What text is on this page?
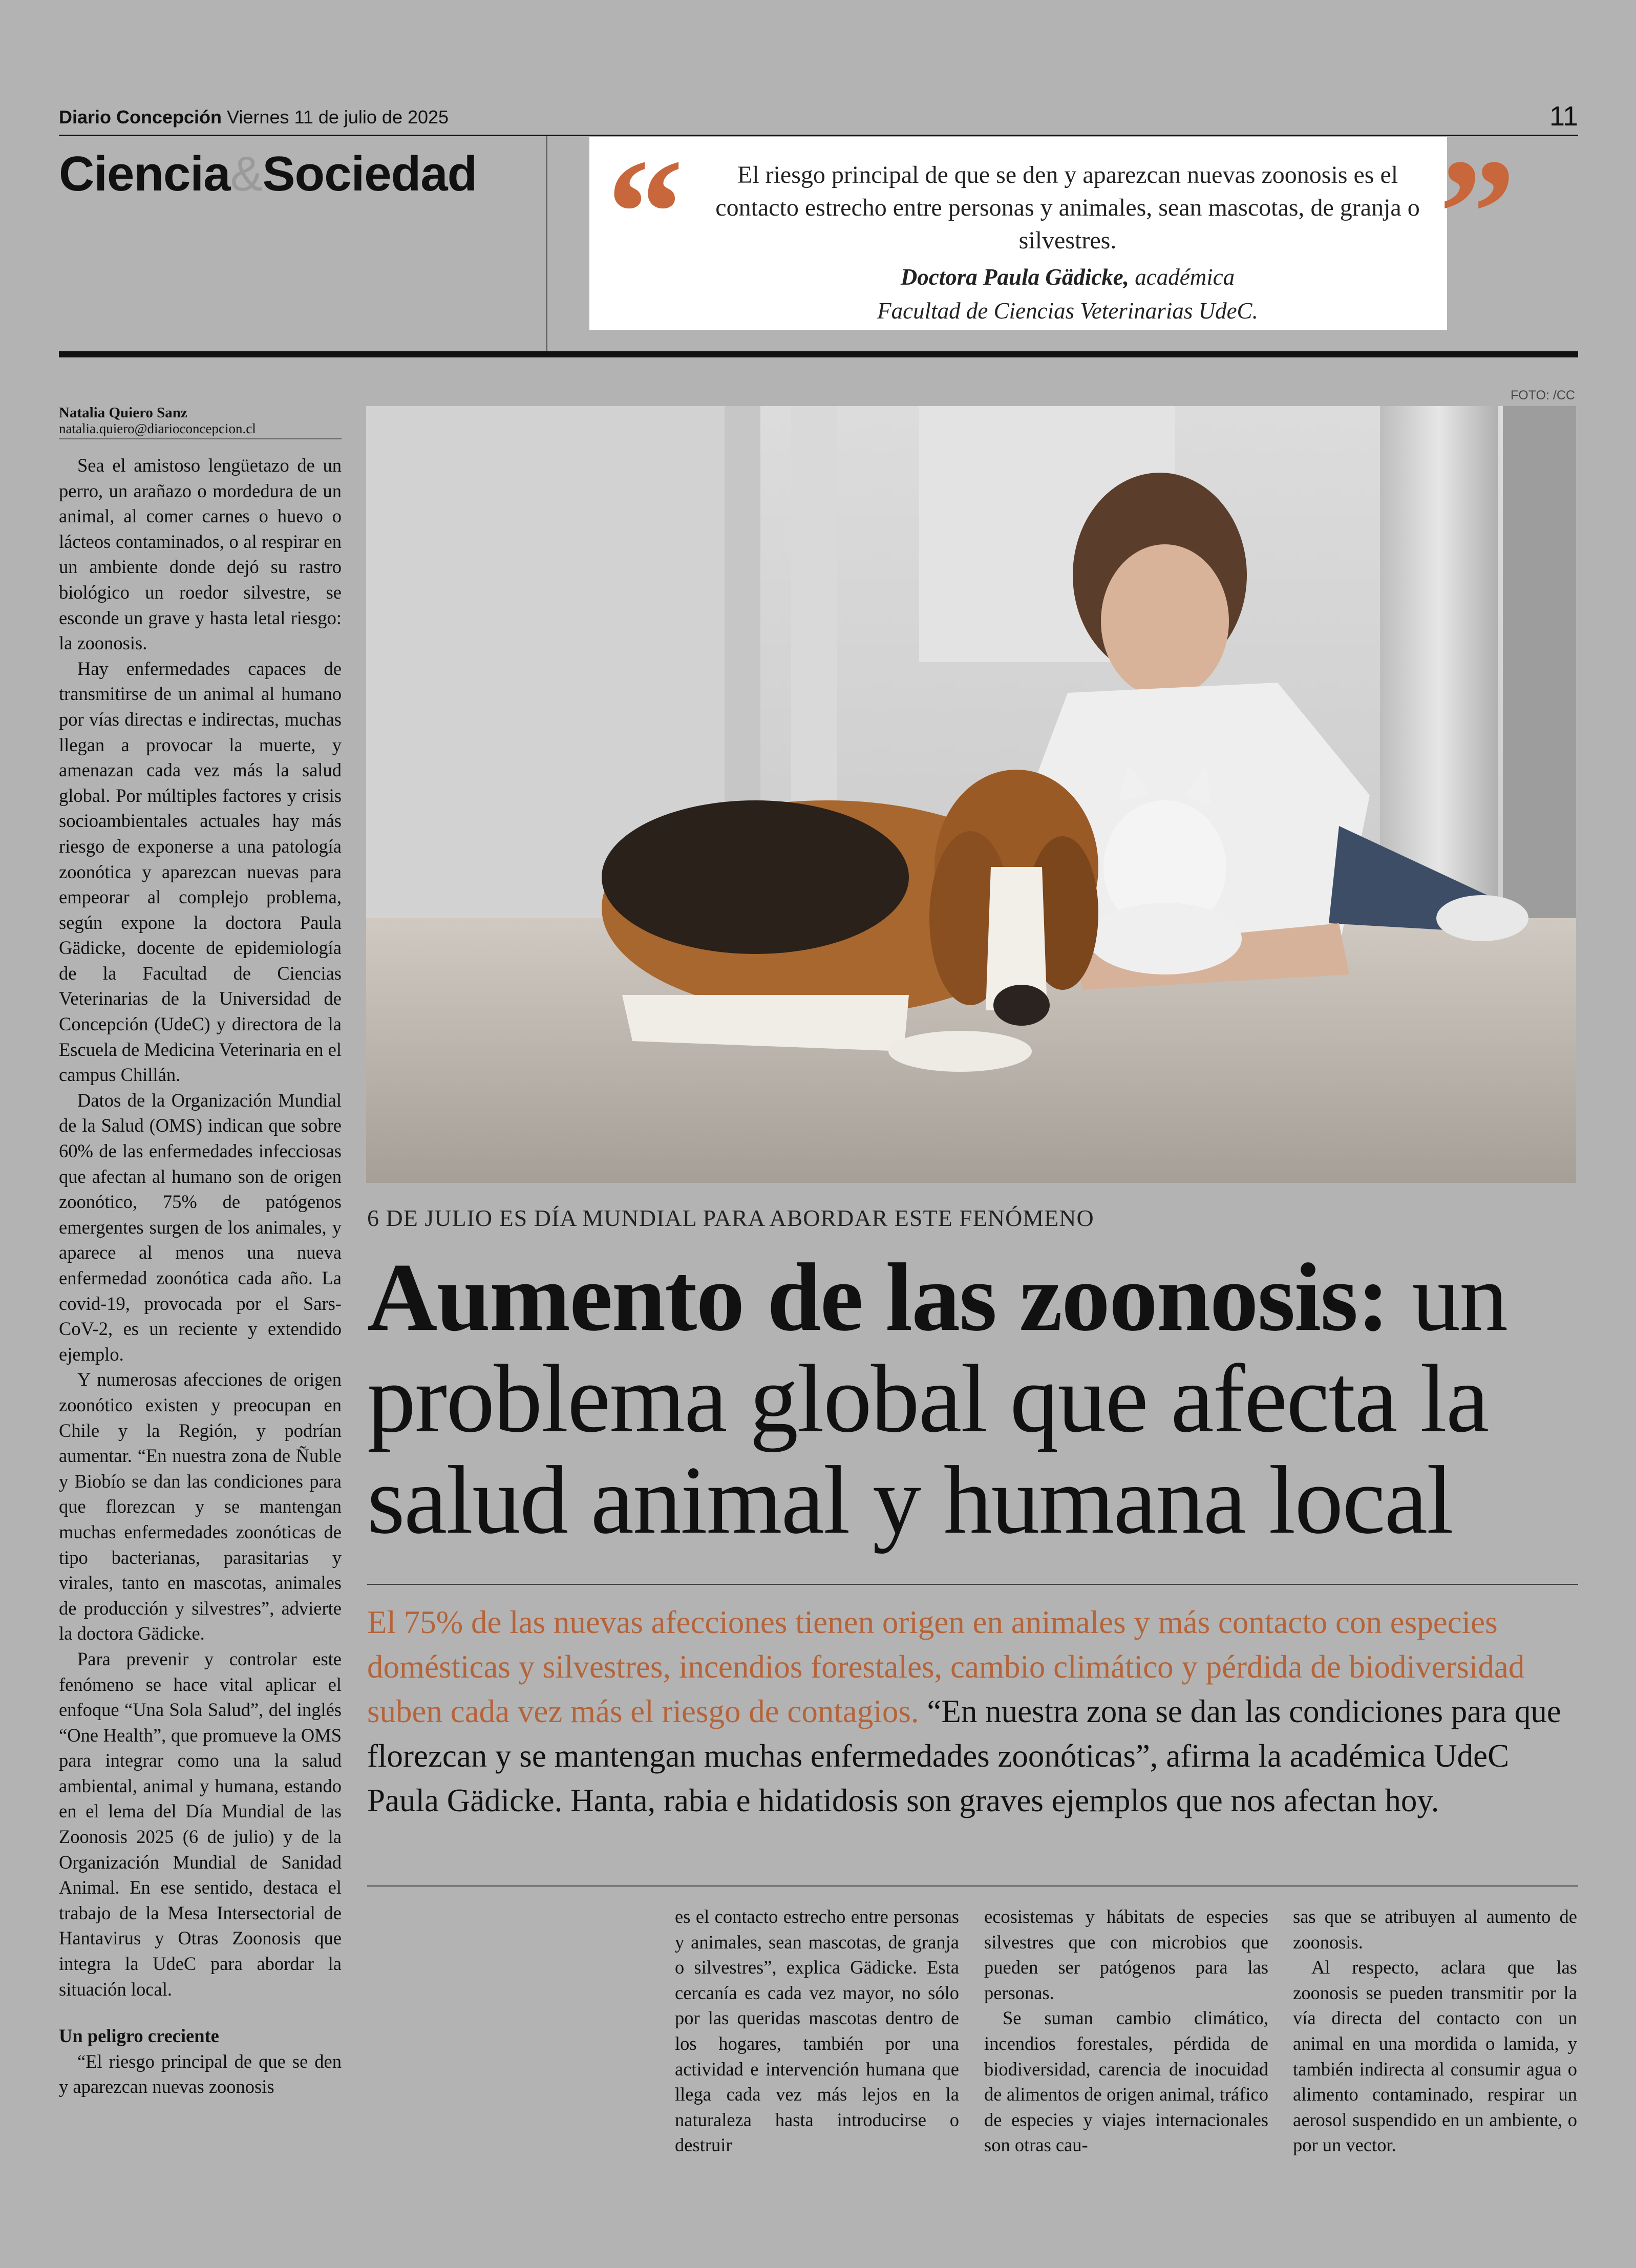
Diario Concepción Viernes 11 de julio de 2025	11
Ciencia&Sociedad “	”
El riesgo principal de que se den y aparezcan nuevas zoonosis es el contacto estrecho entre personas y animales, sean mascotas, de granja o silvestres.
Doctora Paula Gädicke, académica
Facultad de Ciencias Veterinarias UdeC.
Natalia Quiero Sanz
natalia.quiero@diarioconcepcion.cl

Sea el amistoso lengüetazo de un perro, un arañazo o mordedura de un animal, al comer carnes o huevo o lácteos contaminados, o al respirar en un ambiente donde dejó su rastro biológico un roedor silvestre, se esconde un grave y hasta letal riesgo: la zoonosis.

Hay enfermedades capaces de transmitirse de un animal al humano por vías directas e indirectas, muchas llegan a provocar la muerte, y amenazan cada vez más la salud global. Por múltiples factores y crisis socioambientales actuales hay más riesgo de exponerse a una patología zoonótica y aparezcan nuevas para empeorar al complejo problema, según expone la doctora Paula Gädicke, docente de epidemiología de la Facultad de Ciencias Veterinarias de la Universidad de Concepción (UdeC) y directora de la Escuela de Medicina Veterinaria en el campus Chillán.

Datos de la Organización Mundial de la Salud (OMS) indican que sobre 60% de las enfermedades infecciosas que afectan al humano son de origen zoonótico, 75% de patógenos emergentes surgen de los animales, y aparece al menos una nueva enfermedad zoonótica cada año. La covid-19, provocada por el Sars-CoV-2, es un reciente y extendido ejemplo.

Y numerosas afecciones de origen zoonótico existen y preocupan en Chile y la Región, y podrían aumentar. “En nuestra zona de Ñuble y Biobío se dan las condiciones para que florezcan y se mantengan muchas enfermedades zoonóticas de tipo bacterianas, parasitarias y virales, tanto en mascotas, animales de producción y silvestres”, advierte la doctora Gädicke.

Para prevenir y controlar este fenómeno se hace vital aplicar el enfoque “Una Sola Salud”, del inglés “One Health”, que promueve la OMS para integrar como una la salud ambiental, animal y humana, estando en el lema del Día Mundial de las Zoonosis 2025 (6 de julio) y de la Organización Mundial de Sanidad Animal. En ese sentido, destaca el trabajo de la Mesa Intersectorial de Hantavirus y Otras Zoonosis que integra la UdeC para abordar la situación local.

Un peligro creciente

“El riesgo principal de que se den y aparezcan nuevas zoonosis

FOTO: /CC
6 DE JULIO ES DÍA MUNDIAL PARA ABORDAR ESTE FENÓMENO
Aumento de las zoonosis: un problema global que afecta la salud animal y humana local
El 75% de las nuevas afecciones tienen origen en animales y más contacto con especies domésticas y silvestres, incendios forestales, cambio climático y pérdida de biodiversidad suben cada vez más el riesgo de contagios. “En nuestra zona se dan las condiciones para que florezcan y se mantengan muchas enfermedades zoonóticas”, afirma la académica UdeC Paula Gädicke. Hanta, rabia e hidatidosis son graves ejemplos que nos afectan hoy.

es el contacto estrecho entre personas y animales, sean mascotas, de granja o silvestres”, explica Gädicke. Esta cercanía es cada vez mayor, no sólo por las queridas mascotas dentro de los hogares, también por una actividad e intervención humana que llega cada vez más lejos en la naturaleza hasta introducirse o destruir

ecosistemas y hábitats de especies silvestres que con microbios que pueden ser patógenos para las personas.

Se suman cambio climático, incendios forestales, pérdida de biodiversidad, carencia de inocuidad de alimentos de origen animal, tráfico de especies y viajes internacionales son otras cau-

sas que se atribuyen al aumento de zoonosis.

Al respecto, aclara que las zoonosis se pueden transmitir por la vía directa del contacto con un animal en una mordida o lamida, y también indirecta al consumir agua o alimento contaminado, respirar un aerosol suspendido en un ambiente, o por un vector.
